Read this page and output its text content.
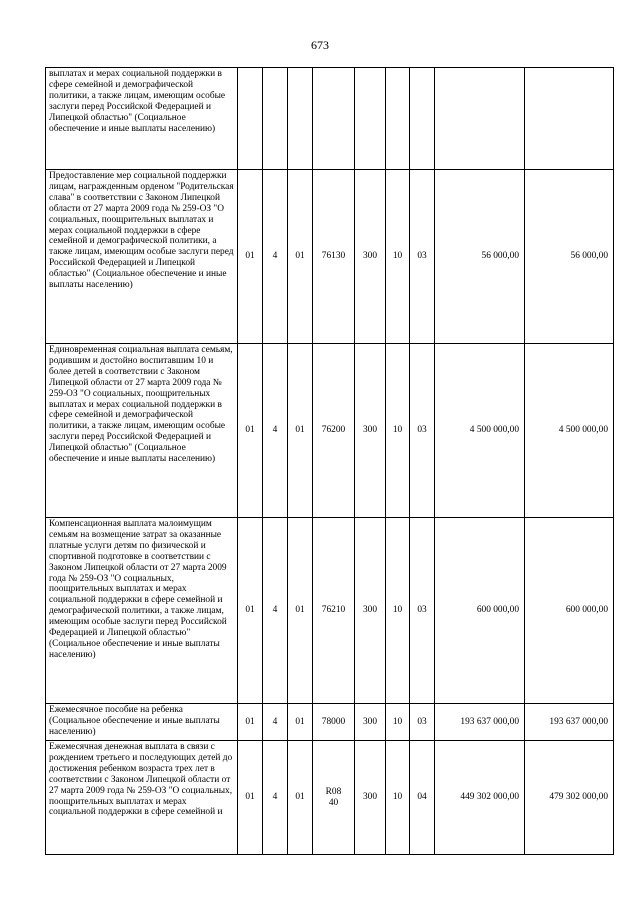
673
выплатах и мерах социальной поддержки в сфере семейной и демографической политики, а также лицам, имеющим особые заслуги перед Российской Федерацией и Липецкой областью" (Социальное обеспечение и иные выплаты населению)									
Предоставление мер социальной поддержки лицам, награжденным орденом "Родительская слава" в соответствии с Законом Липецкой области от 27 марта 2009 года № 259-ОЗ "О социальных, поощрительных выплатах и мерах социальной поддержки в сфере семейной и демографической политики, а также лицам, имеющим особые заслуги перед Российской Федерацией и Липецкой областью" (Социальное обеспечение и иные выплаты населению)	01	4	01	76130	300	10	03	56 000,00	56 000,00
Единовременная социальная выплата семьям, родившим и достойно воспитавшим 10 и более детей в соответствии с Законом Липецкой области от 27 марта 2009 года № 259-ОЗ "О социальных, поощрительных выплатах и мерах социальной поддержки в сфере семейной и демографической политики, а также лицам, имеющим особые заслуги перед Российской Федерацией и Липецкой областью" (Социальное обеспечение и иные выплаты населению)	01	4	01	76200	300	10	03	4 500 000,00	4 500 000,00
Компенсационная выплата малоимущим семьям на возмещение затрат за оказанные платные услуги детям по физической и спортивной подготовке в соответствии с Законом Липецкой области от 27 марта 2009 года № 259-ОЗ "О социальных, поощрительных выплатах и мерах социальной поддержки в сфере семейной и демографической политики, а также лицам, имеющим особые заслуги перед Российской Федерацией и Липецкой областью" (Социальное обеспечение и иные выплаты населению)	01	4	01	76210	300	10	03	600 000,00	600 000,00
Ежемесячное пособие на ребенка (Социальное обеспечение и иные выплаты населению)	01	4	01	78000	300	10	03	193 637 000,00	193 637 000,00
Ежемесячная денежная выплата в связи с рождением третьего и последующих детей до достижения ребенком возраста трех лет в соответствии с Законом Липецкой области от 27 марта 2009 года № 259-ОЗ "О социальных, поощрительных выплатах и мерах социальной поддержки в сфере семейной и	01	4	01	R0840	300	10	04	449 302 000,00	479 302 000,00
